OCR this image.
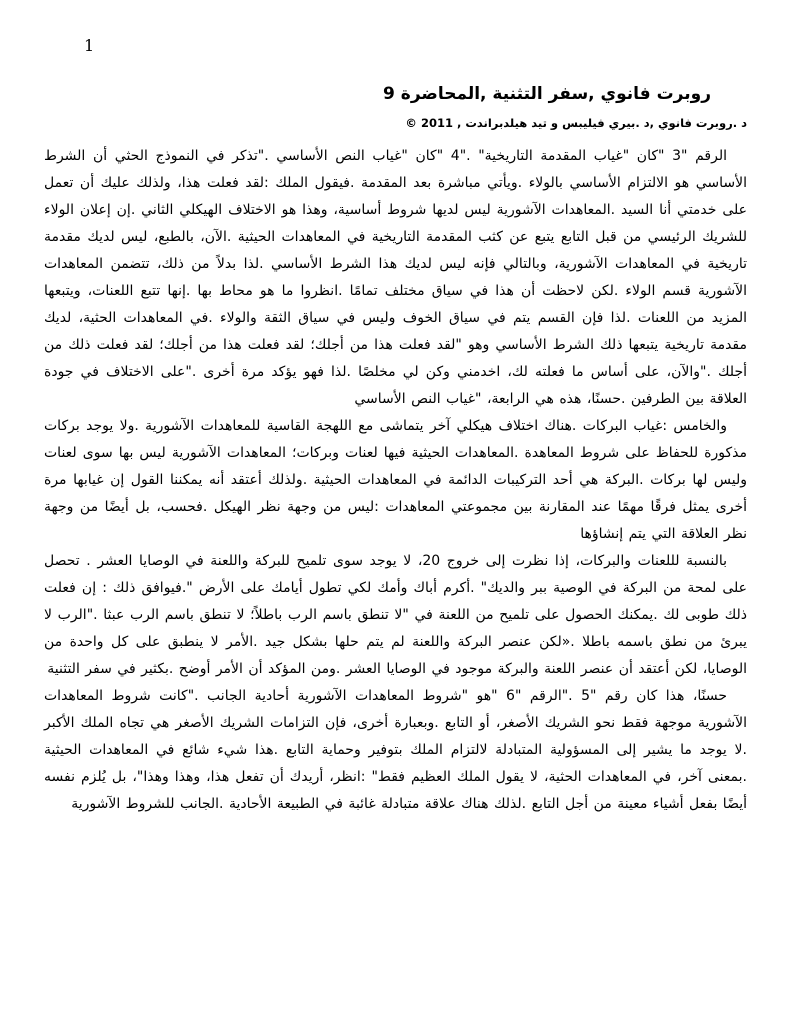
1
روبرت فانوي ,سفر التثنية ,المحاضرة 9
د .روبرت فانوي ,د .بيري فيليبس و تيد هيلدبراندت , 2011 ©

الرقم "3 "كان "غياب المقدمة التاريخية" ."4 "كان "غياب النص الأساسي ."تذكر في النموذج الحثي أن الشرط الأساسي هو الالتزام الأساسي بالولاء .ويأتي مباشرة بعد المقدمة .فيقول الملك :لقد فعلت هذا، ولذلك عليك أن تعمل على خدمتي أنا السيد .المعاهدات الآشورية ليس لديها شروط أساسية، وهذا هو الاختلاف الهيكلي الثاني .إن إعلان الولاء للشريك الرئيسي من قبل التابع يتبع عن كثب المقدمة التاريخية في المعاهدات الحيثية .الآن، بالطبع، ليس لديك مقدمة تاريخية في المعاهدات الآشورية، وبالتالي فإنه ليس لديك هذا الشرط الأساسي .لذا بدلاً من ذلك، تتضمن المعاهدات الآشورية قسم الولاء .لكن لاحظت أن هذا في سياق مختلف تمامًا .انظروا ما هو محاط بها .إنها تتبع اللعنات، ويتبعها المزيد من اللعنات .لذا فإن القسم يتم في سياق الخوف وليس في سياق الثقة والولاء .في المعاهدات الحثية، لديك مقدمة تاريخية يتبعها ذلك الشرط الأساسي وهو "لقد فعلت هذا من أجلك؛ لقد فعلت هذا من أجلك؛ لقد فعلت ذلك من أجلك ."والآن، على أساس ما فعلته لك، اخدمني وكن لي مخلصًا .لذا فهو يؤكد مرة أخرى ."على الاختلاف في جودة العلاقة بين الطرفين .حسنًا، هذه هي الرابعة، "غياب النص الأساسي

والخامس :غياب البركات .هناك اختلاف هيكلي آخر يتماشى مع اللهجة القاسية للمعاهدات الآشورية .ولا يوجد بركات مذكورة للحفاظ على شروط المعاهدة .المعاهدات الحيثية فيها لعنات وبركات؛ المعاهدات الآشورية ليس بها سوى لعنات وليس لها بركات .البركة هي أحد التركيبات الدائمة في المعاهدات الحيثية .ولذلك أعتقد أنه يمكننا القول إن غيابها مرة أخرى يمثل فرقًا مهمًا عند المقارنة بين مجموعتي المعاهدات :ليس من وجهة نظر الهيكل .فحسب، بل أيضًا من وجهة نظر العلاقة التي يتم إنشاؤها

بالنسبة لللعنات والبركات، إذا نظرت إلى خروج 20، لا يوجد سوى تلميح للبركة واللعنة في الوصايا العشر . تحصل على لمحة من البركة في الوصية ببر والديك" .أكرم أباك وأمك لكي تطول أيامك على الأرض ".فيوافق ذلك : إن فعلت ذلك طوبى لك .يمكنك الحصول على تلميح من اللعنة في "لا تنطق باسم الرب باطلاً؛ لا تنطق باسم الرب عبثا ."الرب لا يبرئ من نطق باسمه باطلا .«لكن عنصر البركة واللعنة لم يتم حلها بشكل جيد .الأمر لا ينطبق على كل واحدة من الوصايا، لكن أعتقد أن عنصر اللعنة والبركة موجود في الوصايا العشر .ومن المؤكد أن الأمر أوضح .بكثير في سفر التثنية

حسنًا، هذا كان رقم "5 ."الرقم "6 "هو "شروط المعاهدات الآشورية أحادية الجانب ."كانت شروط المعاهدات الآشورية موجهة فقط نحو الشريك الأصغر، أو التابع .وبعبارة أخرى، فإن التزامات الشريك الأصغر هي تجاه الملك الأكبر .لا يوجد ما يشير إلى المسؤولية المتبادلة لالتزام الملك بتوفير وحماية التابع .هذا شيء شائع في المعاهدات الحيثية .بمعنى آخر، في المعاهدات الحثية، لا يقول الملك العظيم فقط" :انظر، أريدك أن تفعل هذا، وهذا وهذا"، بل يُلزم نفسه أيضًا بفعل أشياء معينة من أجل التابع .لذلك هناك علاقة متبادلة غائبة في الطبيعة الأحادية .الجانب للشروط الآشورية
